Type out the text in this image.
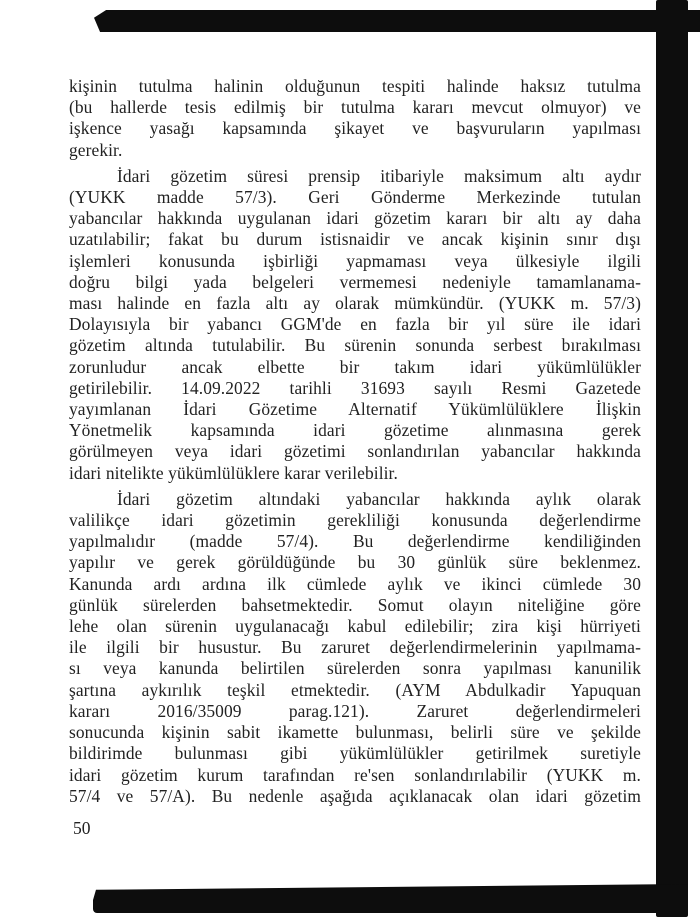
kişinin tutulma halinin olduğunun tespiti halinde haksız tutulma
(bu hallerde tesis edilmiş bir tutulma kararı mevcut olmuyor) ve
işkence yasağı kapsamında şikayet ve başvuruların yapılması
gerekir.
İdari gözetim süresi prensip itibariyle maksimum altı aydır
(YUKK madde 57/3). Geri Gönderme Merkezinde tutulan
yabancılar hakkında uygulanan idari gözetim kararı bir altı ay daha
uzatılabilir; fakat bu durum istisnaidir ve ancak kişinin sınır dışı
işlemleri konusunda işbirliği yapmaması veya ülkesiyle ilgili
doğru bilgi yada belgeleri vermemesi nedeniyle tamamlanama-
ması halinde en fazla altı ay olarak mümkündür. (YUKK m. 57/3)
Dolayısıyla bir yabancı GGM'de en fazla bir yıl süre ile idari
gözetim altında tutulabilir. Bu sürenin sonunda serbest bırakılması
zorunludur ancak elbette bir takım idari yükümlülükler
getirilebilir. 14.09.2022 tarihli 31693 sayılı Resmi Gazetede
yayımlanan İdari Gözetime Alternatif Yükümlülüklere İlişkin
Yönetmelik kapsamında idari gözetime alınmasına gerek
görülmeyen veya idari gözetimi sonlandırılan yabancılar hakkında
idari nitelikte yükümlülüklere karar verilebilir.
İdari gözetim altındaki yabancılar hakkında aylık olarak
valilikçe idari gözetimin gerekliliği konusunda değerlendirme
yapılmalıdır (madde 57/4). Bu değerlendirme kendiliğinden
yapılır ve gerek görüldüğünde bu 30 günlük süre beklenmez.
Kanunda ardı ardına ilk cümlede aylık ve ikinci cümlede 30
günlük sürelerden bahsetmektedir. Somut olayın niteliğine göre
lehe olan sürenin uygulanacağı kabul edilebilir; zira kişi hürriyeti
ile ilgili bir husustur. Bu zaruret değerlendirmelerinin yapılmama-
sı veya kanunda belirtilen sürelerden sonra yapılması kanunilik
şartına aykırılık teşkil etmektedir. (AYM Abdulkadir Yapuquan
kararı 2016/35009 parag.121). Zaruret değerlendirmeleri
sonucunda kişinin sabit ikamette bulunması, belirli süre ve şekilde
bildirimde bulunması gibi yükümlülükler getirilmek suretiyle
idari gözetim kurum tarafından re'sen sonlandırılabilir (YUKK m.
57/4 ve 57/A). Bu nedenle aşağıda açıklanacak olan idari gözetim
50
